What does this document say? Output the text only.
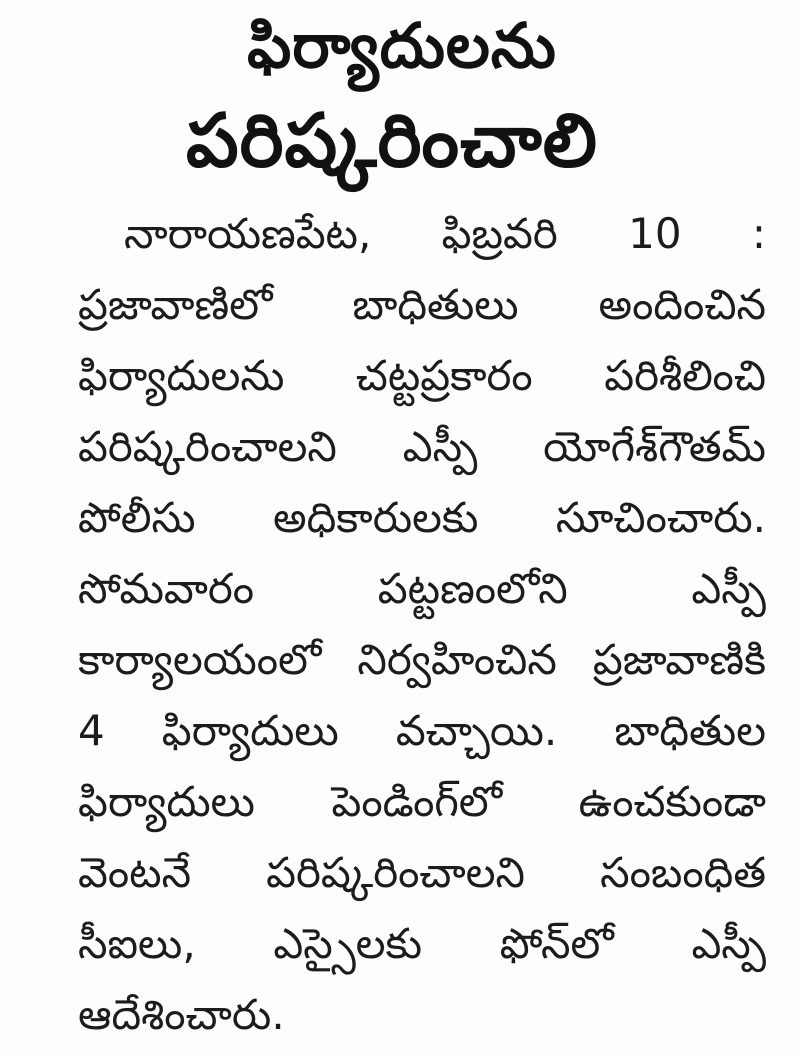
ఫిర్యాదులను
పరిష్కరించాలి
నారాయణపేట, ఫిబ్రవరి 10 : ప్రజావాణిలో బాధితులు అందించిన ఫిర్యాదులను చట్టప్రకారం పరిశీలించి పరిష్కరించాలని ఎస్పీ యోగేశ్‌గౌతమ్ పోలీసు అధికారులకు సూచించారు. సోమవారం పట్టణంలోని ఎస్పీ కార్యాలయంలో నిర్వహించిన ప్రజావాణికి 4 ఫిర్యాదులు వచ్చాయి. బాధితుల ఫిర్యాదులు పెండింగ్‌లో ఉంచకుండా వెంటనే పరిష్కరించాలని సంబంధిత సీఐలు, ఎస్సైలకు ఫోన్‌లో ఎస్పీ ఆదేశించారు.
